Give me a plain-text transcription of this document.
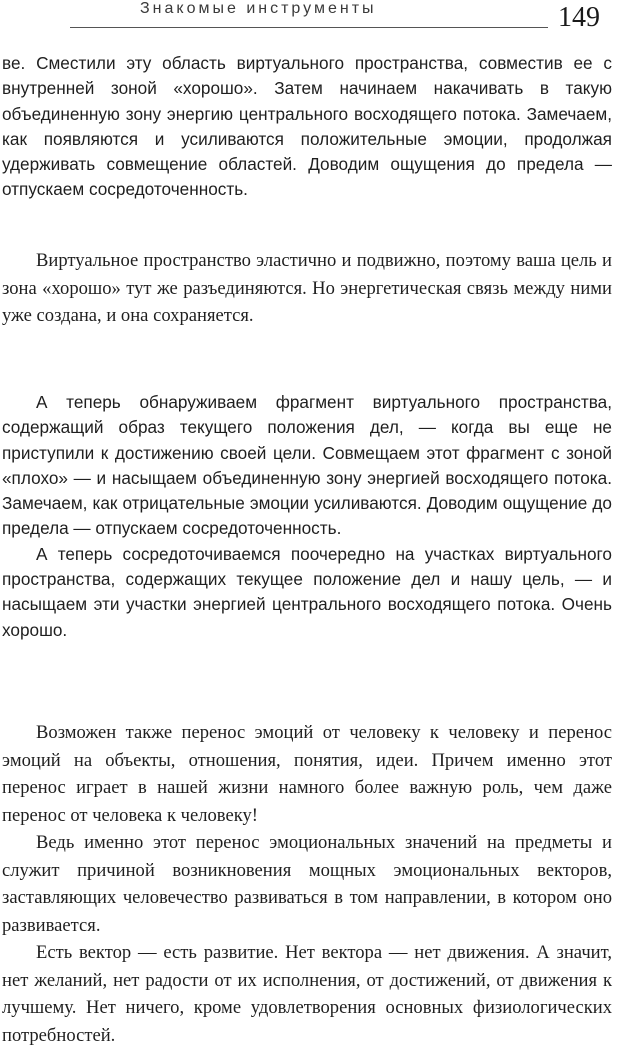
Знакомые инструменты	149

ве. Сместили эту область виртуального пространства, совместив ее с внутренней зоной «хорошо». Затем начинаем накачивать в такую объединенную зону энергию центрального восходящего потока. Замечаем, как появляются и усиливаются положительные эмоции, продолжая удерживать совмещение областей. Доводим ощущения до предела — отпускаем сосредоточенность.

Виртуальное пространство эластично и подвижно, поэтому ваша цель и зона «хорошо» тут же разъединяются. Но энергетическая связь между ними уже создана, и она сохраняется.

А теперь обнаруживаем фрагмент виртуального пространства, содержащий образ текущего положения дел, — когда вы еще не приступили к достижению своей цели. Совмещаем этот фрагмент с зоной «плохо» — и насыщаем объединенную зону энергией восходящего потока. Замечаем, как отрицательные эмоции усиливаются. Доводим ощущение до предела — отпускаем сосредоточенность.

А теперь сосредоточиваемся поочередно на участках виртуального пространства, содержащих текущее положение дел и нашу цель, — и насыщаем эти участки энергией центрального восходящего потока. Очень хорошо.

Возможен также перенос эмоций от человеку к человеку и перенос эмоций на объекты, отношения, понятия, идеи. Причем именно этот перенос играет в нашей жизни намного более важную роль, чем даже перенос от человека к человеку!

Ведь именно этот перенос эмоциональных значений на предметы и служит причиной возникновения мощных эмоциональных векторов, заставляющих человечество развиваться в том направлении, в котором оно развивается.

Есть вектор — есть развитие. Нет вектора — нет движения. А значит, нет желаний, нет радости от их исполнения, от достижений, от движения к лучшему. Нет ничего, кроме удовлетворения основных физиологических потребностей.
